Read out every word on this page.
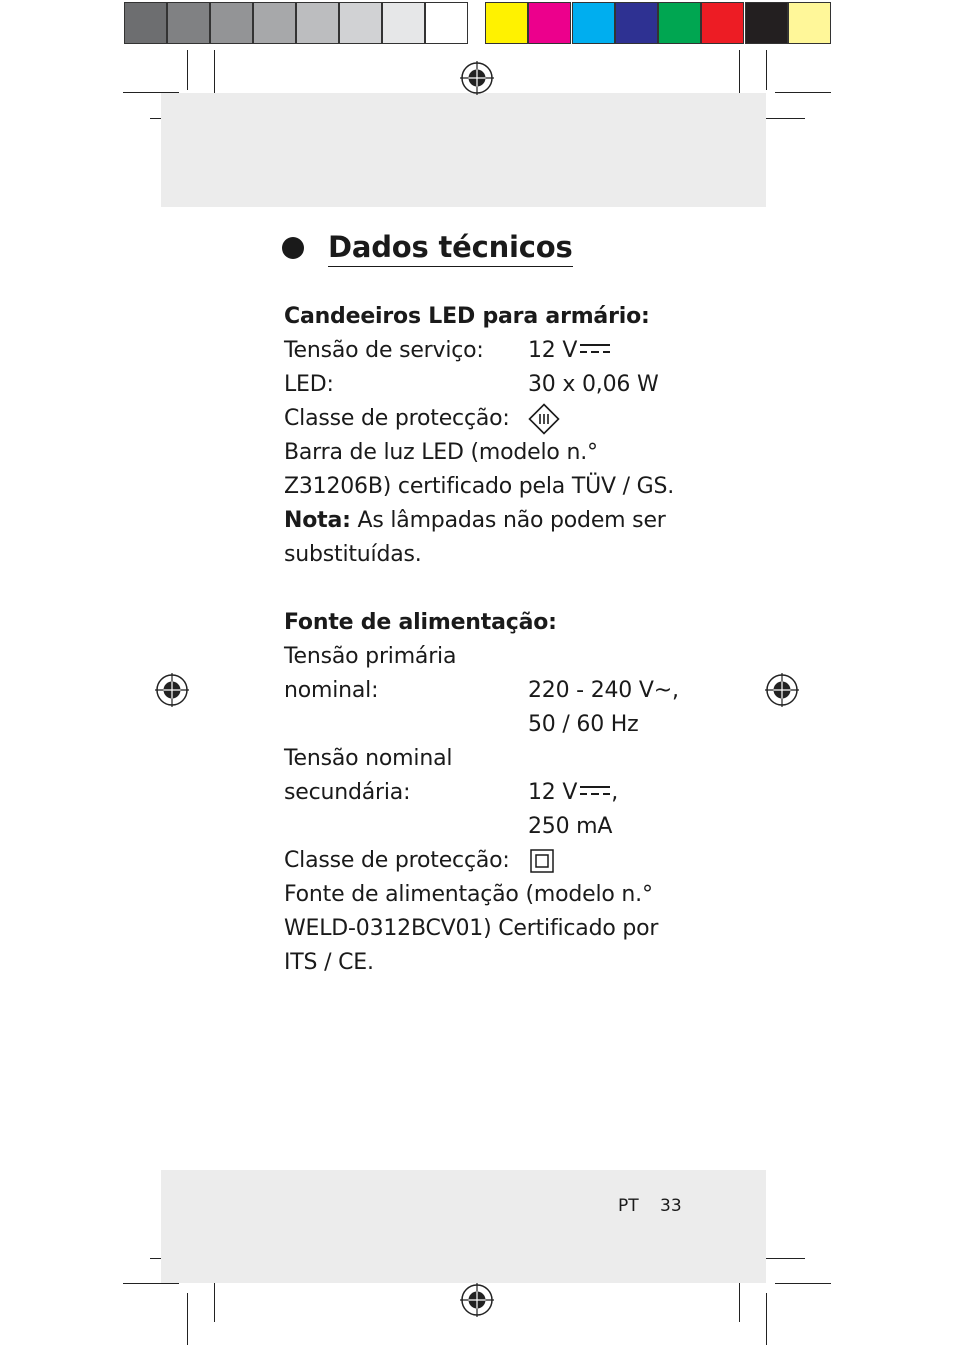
Dados técnicos
Candeeiros LED para armário:
Tensão de serviço: 12 V
LED:	30 x 0,06 W
Classe de protecção:
Barra de luz LED (modelo n.°
Z31206B) certificado pela TÜV / GS.
Nota: As lâmpadas não podem ser
substituídas.
Fonte de alimentação:
Tensão primária
nominal:	220 - 240 V~,
50 / 60 Hz
Tensão nominal
secundária:	12 V ,
250 mA
Classe de protecção:
Fonte de alimentação (modelo n.°
WELD-0312BCV01) Certificado por
ITS / CE.
PT 33
